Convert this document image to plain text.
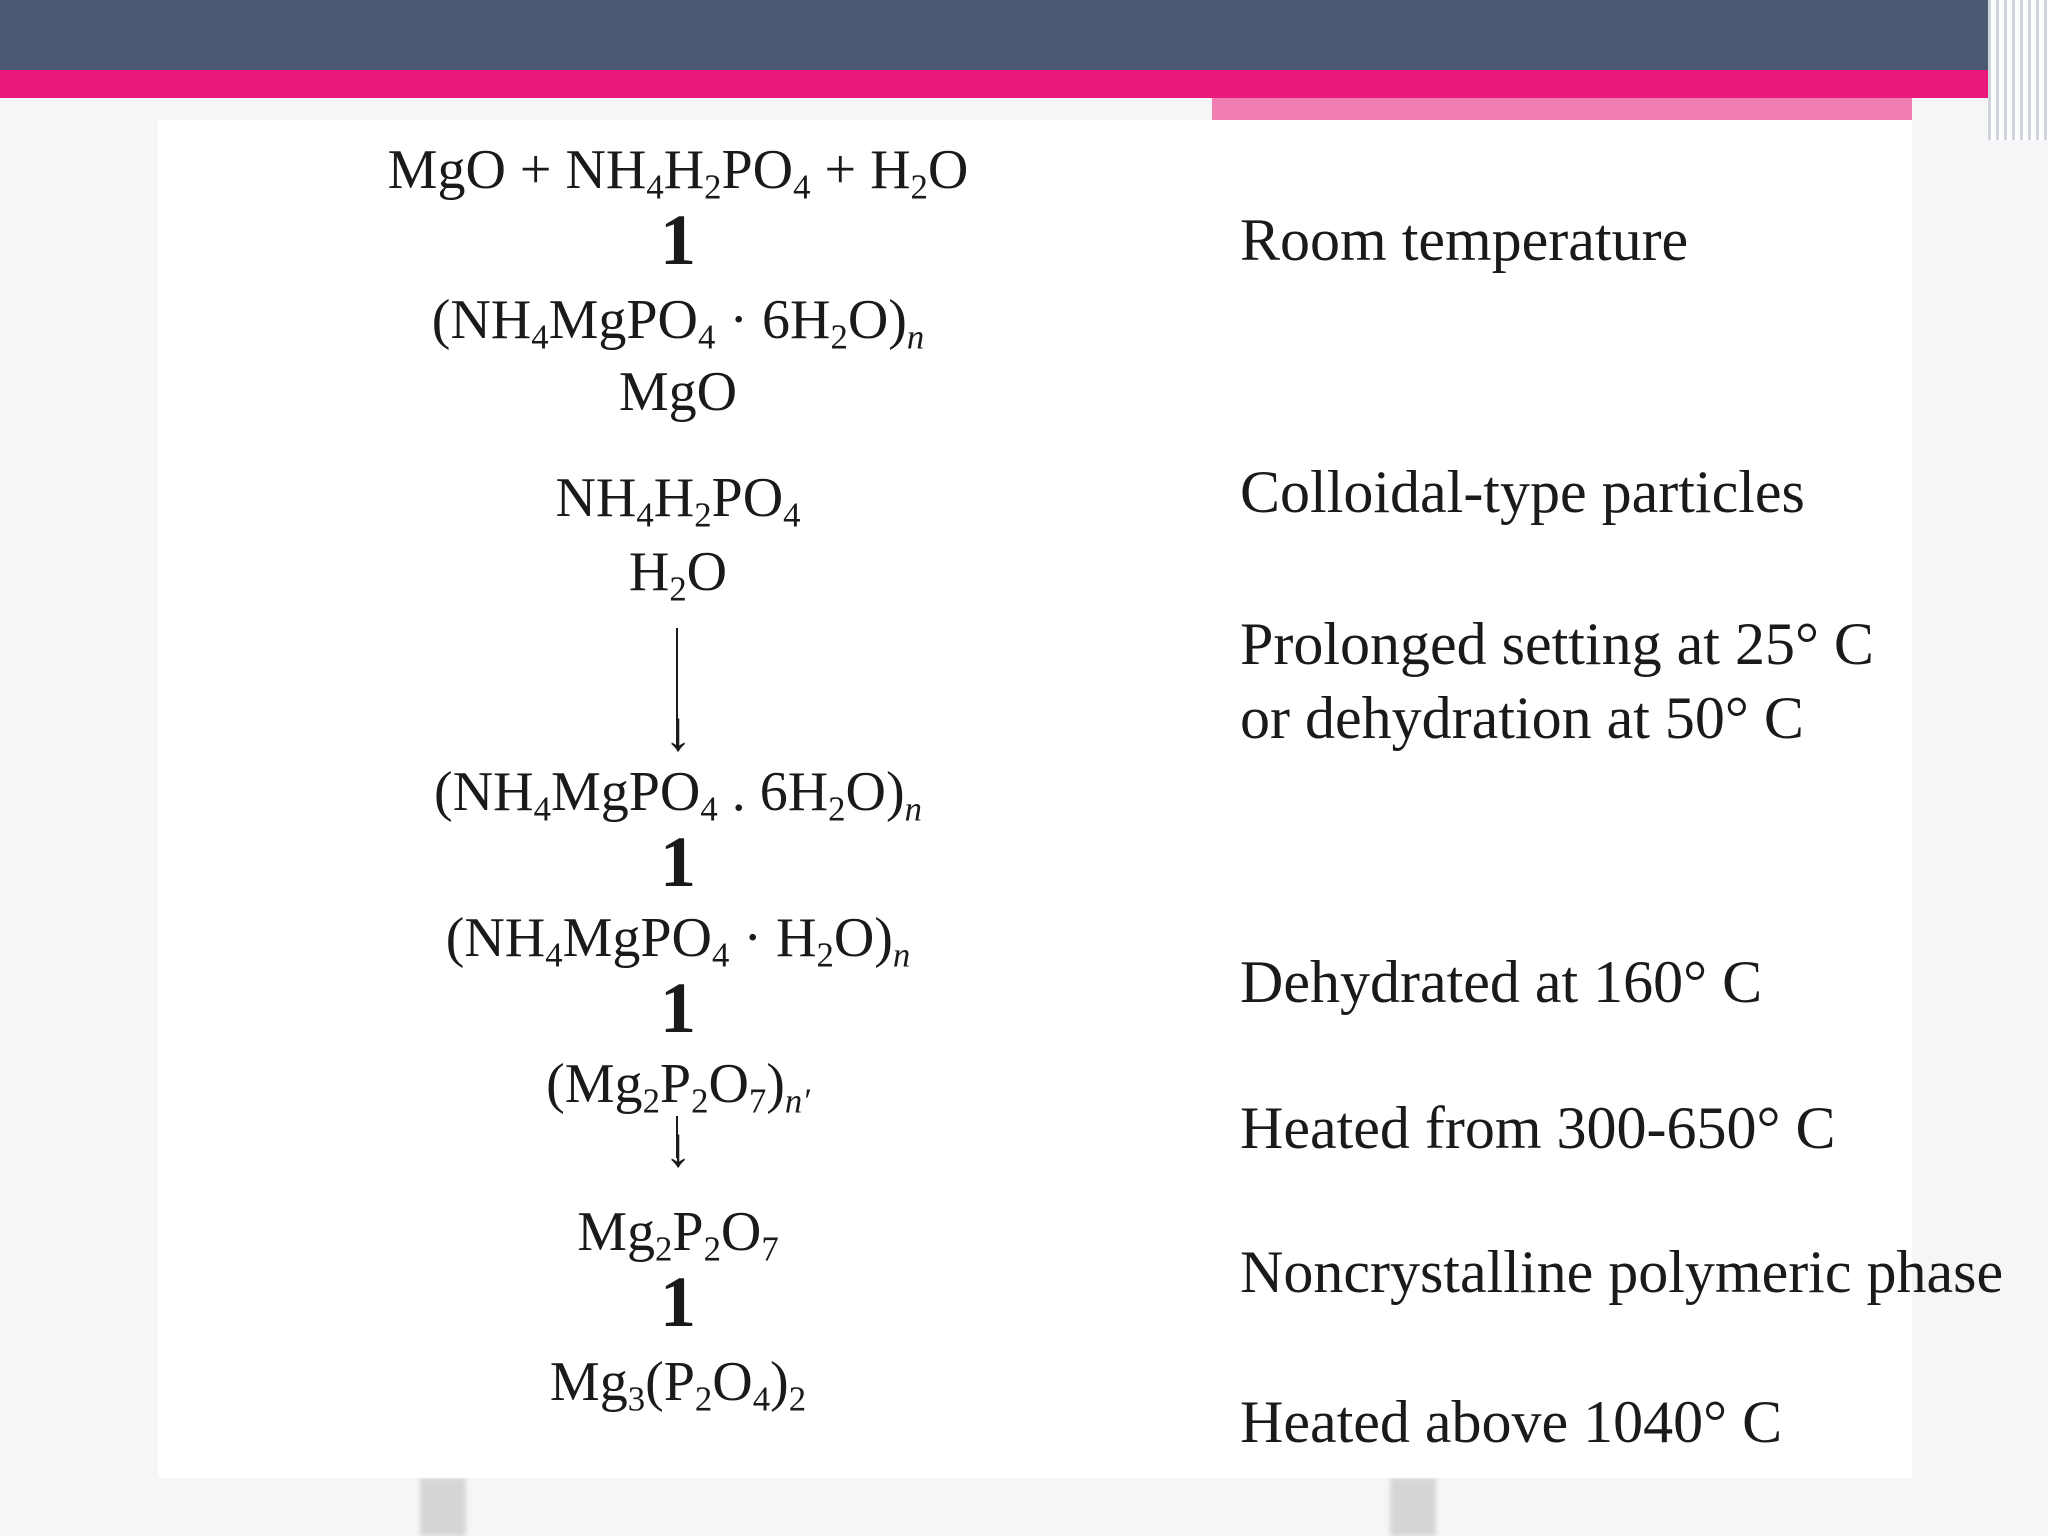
MgO + $NH_4H_2PO_4 + H_2O$
1
$(NH_4MgPO_4 \cdot 6H_2O)_n$
MgO
$NH_4H_2PO_4$
$H_2O$
↓
($NH_4MgPO_4$ . $6H_2O)_n$
1
$(NH_4MgPO_4 \cdot H_2O)_n$
1
$(Mg_2P_2O_7)_{n'}$
↓
$Mg_2P_2O_7$
1
$Mg_3(P_2O_4)_2$
Room temperature
Colloidal-type particles
Prolonged setting at 25° C
or dehydration at 50° C
Dehydrated at 160° C
Heated from 300-650° C
Noncrystalline polymeric phase
Heated above 1040° C
